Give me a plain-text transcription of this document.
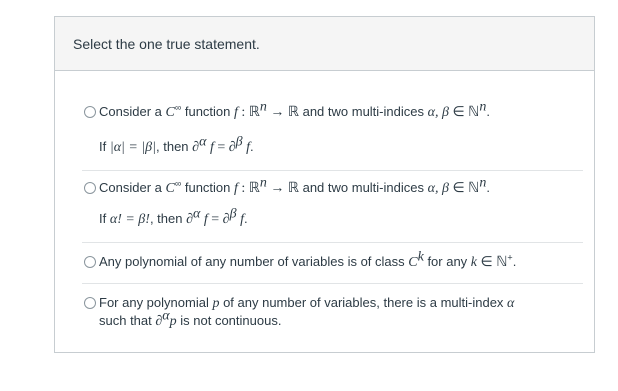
Select the one true statement.
Consider a C∞ function f : ℝ$^n$ → ℝ and two multi-indices α, β ∈ ℕ$^n$.
If |α| = |β|, then ∂$^\alpha$ f = ∂$^\beta$ f.
Consider a C∞ function f : ℝ$^n$ → ℝ and two multi-indices α, β ∈ ℕ$^n$.
If α! = β!, then ∂$^\alpha$ f = ∂$^\beta$ f.
Any polynomial of any number of variables is of class $C^k$ for any k ∈ ℕ+.
For any polynomial p of any number of variables, there is a multi-index α
such that ∂$^\alpha$p is not continuous.
